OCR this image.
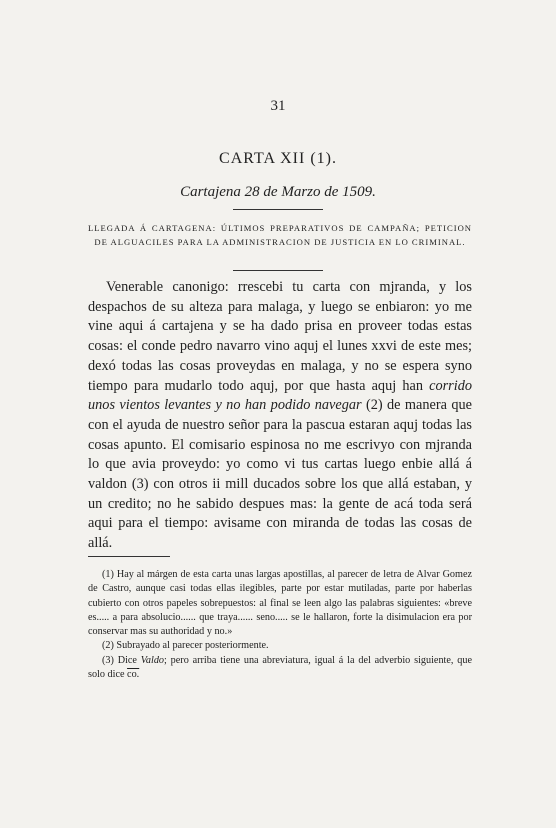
31
CARTA XII (1).
Cartajena 28 de Marzo de 1509.
LLEGADA Á CARTAGENA: ÚLTIMOS PREPARATIVOS DE CAMPAÑA; PETICION DE ALGUACILES PARA LA ADMINISTRACION DE JUSTICIA EN LO CRIMINAL.

Venerable canonigo: rrescebi tu carta con mjranda, y los despachos de su alteza para malaga, y luego se enbiaron: yo me vine aqui á cartajena y se ha dado prisa en proveer todas estas cosas: el conde pedro navarro vino aquj el lunes xxvi de este mes; dexó todas las cosas proveydas en malaga, y no se espera syno tiempo para mudarlo todo aquj, por que hasta aquj han corrido unos vientos levantes y no han podido navegar (2) de manera que con el ayuda de nuestro señor para la pascua estaran aquj todas las cosas apunto. El comisario espinosa no me escrivyo con mjranda lo que avia proveydo: yo como vi tus cartas luego enbie allá á valdon (3) con otros ii mill ducados sobre los que allá estaban, y un credito; no he sabido despues mas: la gente de acá toda será aqui para el tiempo: avisame con miranda de todas las cosas de allá.

(1) Hay al márgen de esta carta unas largas apostillas, al parecer de letra de Alvar Gomez de Castro, aunque casi todas ellas ilegibles, parte por estar mutiladas, parte por haberlas cubierto con otros papeles sobrepuestos: al final se leen algo las palabras siguientes: «breve es..... a para absolucio...... que traya...... seno..... se le hallaron, forte la disimulacion era por conservar mas su authoridad y no.»

(2) Subrayado al parecer posteriormente.

(3) Dice Valdo; pero arriba tiene una abreviatura, igual á la del adverbio siguiente, que solo dice co.
